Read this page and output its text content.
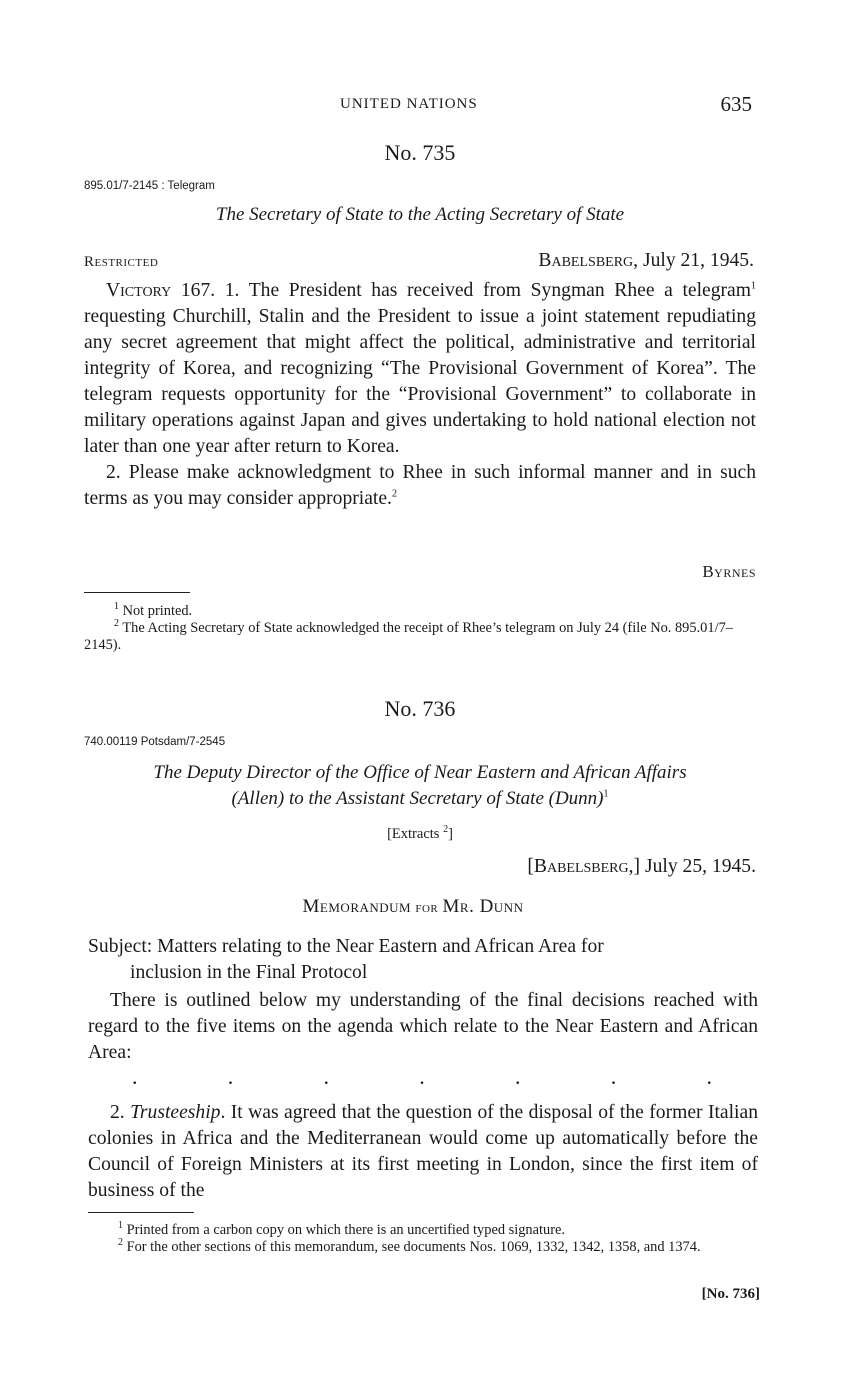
UNITED NATIONS	635
No. 735
895.01/7-2145 : Telegram
The Secretary of State to the Acting Secretary of State
Restricted	Babelsberg, July 21, 1945.

Victory 167. 1. The President has received from Syngman Rhee a telegram$^1$ requesting Churchill, Stalin and the President to issue a joint statement repudiating any secret agreement that might affect the political, administrative and territorial integrity of Korea, and recognizing “The Provisional Government of Korea”. The telegram requests opportunity for the “Provisional Government” to collaborate in military operations against Japan and gives undertaking to hold national election not later than one year after return to Korea.

2. Please make acknowledgment to Rhee in such informal manner and in such terms as you may consider appropriate.$^2$

Byrnes

$^1$ Not printed.

$^2$ The Acting Secretary of State acknowledged the receipt of Rhee’s telegram on July 24 (file No. 895.01/7–2145).

No. 736
740.00119 Potsdam/7-2545
The Deputy Director of the Office of Near Eastern and African Affairs
(Allen) to the Assistant Secretary of State (Dunn)$^1$
[Extracts $^2$]
[Babelsberg,] July 25, 1945.
Memorandum for Mr. Dunn

Subject: Matters relating to the Near Eastern and African Area for

inclusion in the Final Protocol

There is outlined below my understanding of the final decisions reached with regard to the five items on the agenda which relate to the Near Eastern and African Area:

.	.	.	.	.	.	.

2. Trusteeship. It was agreed that the question of the disposal of the former Italian colonies in Africa and the Mediterranean would come up automatically before the Council of Foreign Ministers at its first meeting in London, since the first item of business of the

$^1$ Printed from a carbon copy on which there is an uncertified typed signature.

$^2$ For the other sections of this memorandum, see documents Nos. 1069, 1332, 1342, 1358, and 1374.

[No. 736]
